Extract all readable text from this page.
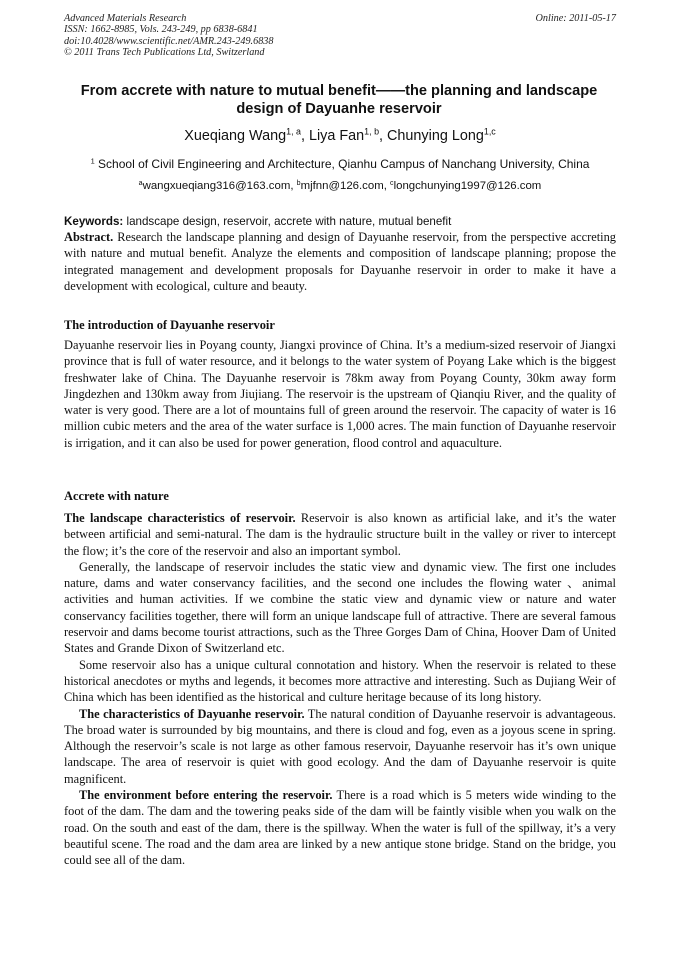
Advanced Materials Research
ISSN: 1662-8985, Vols. 243-249, pp 6838-6841
doi:10.4028/www.scientific.net/AMR.243-249.6838
© 2011 Trans Tech Publications Ltd, Switzerland
Online: 2011-05-17
From accrete with nature to mutual benefit——the planning and landscape design of Dayuanhe reservoir
Xueqiang Wang$^{1, a}$, Liya Fan$^{1, b}$, Chunying Long$^{1,c}$
$^1$ School of Civil Engineering and Architecture, Qianhu Campus of Nanchang University, China
$^a$wangxueqiang316@163.com, $^b$mjfnn@126.com, $^c$longchunying1997@126.com
Keywords: landscape design, reservoir, accrete with nature, mutual benefit
Abstract. Research the landscape planning and design of Dayuanhe reservoir, from the perspective accreting with nature and mutual benefit. Analyze the elements and composition of landscape planning; propose the integrated management and development proposals for Dayuanhe reservoir in order to make it have a development with ecological, culture and beauty.
The introduction of Dayuanhe reservoir
Dayuanhe reservoir lies in Poyang county, Jiangxi province of China. It’s a medium-sized reservoir of Jiangxi province that is full of water resource, and it belongs to the water system of Poyang Lake which is the biggest freshwater lake of China. The Dayuanhe reservoir is 78km away from Poyang County, 30km away form Jingdezhen and 130km away from Jiujiang. The reservoir is the upstream of Qianqiu River, and the quality of water is very good. There are a lot of mountains full of green around the reservoir. The capacity of water is 16 million cubic meters and the area of the water surface is 1,000 acres. The main function of Dayuanhe reservoir is irrigation, and it can also be used for power generation, flood control and aquaculture.
Accrete with nature
The landscape characteristics of reservoir. Reservoir is also known as artificial lake, and it’s the water between artificial and semi-natural. The dam is the hydraulic structure built in the valley or river to intercept the flow; it’s the core of the reservoir and also an important symbol.
Generally, the landscape of reservoir includes the static view and dynamic view. The first one includes nature, dams and water conservancy facilities, and the second one includes the flowing water 、animal activities and human activities. If we combine the static view and dynamic view or nature and water conservancy facilities together, there will form an unique landscape full of attractive. There are several famous reservoir and dams become tourist attractions, such as the Three Gorges Dam of China, Hoover Dam of United States and Grande Dixon of Switzerland etc.
Some reservoir also has a unique cultural connotation and history. When the reservoir is related to these historical anecdotes or myths and legends, it becomes more attractive and interesting. Such as Dujiang Weir of China which has been identified as the historical and culture heritage because of its long history.
The characteristics of Dayuanhe reservoir. The natural condition of Dayuanhe reservoir is advantageous. The broad water is surrounded by big mountains, and there is cloud and fog, even as a joyous scene in spring. Although the reservoir’s scale is not large as other famous reservoir, Dayuanhe reservoir has it’s own unique landscape. The area of reservoir is quiet with good ecology. And the dam of Dayuanhe reservoir is quite magnificent.
The environment before entering the reservoir. There is a road which is 5 meters wide winding to the foot of the dam. The dam and the towering peaks side of the dam will be faintly visible when you walk on the road. On the south and east of the dam, there is the spillway. When the water is full of the spillway, it’s a very beautiful scene. The road and the dam area are linked by a new antique stone bridge. Stand on the bridge, you could see all of the dam.
